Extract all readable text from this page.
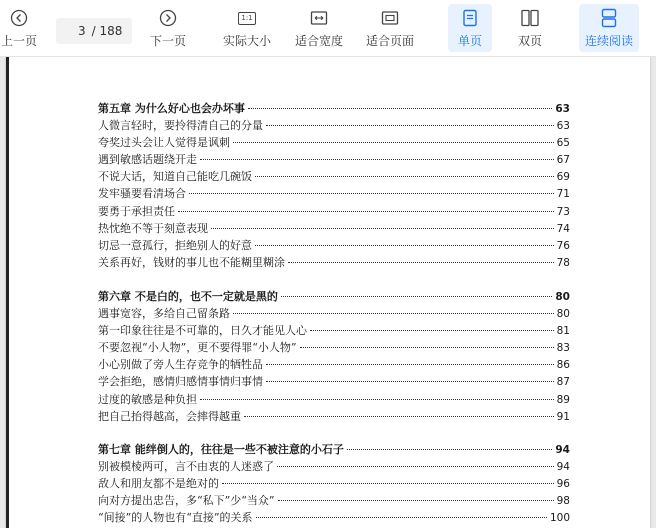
上一页
3
/ 188
下一页
1:1
实际大小 适合宽度 适合页面	单页	双页	连续阅读
第五章 为什么好心也会办坏事	63
人微言轻时，要拎得清自己的分量	63
夸奖过头会让人觉得是讽刺	65
遇到敏感话题绕开走	67
不说大话，知道自己能吃几碗饭	69
发牢骚要看清场合	71
要勇于承担责任	73
热忱绝不等于刻意表现	74
切忌一意孤行，拒绝别人的好意	76
关系再好，钱财的事儿也不能糊里糊涂	78
第六章 不是白的，也不一定就是黑的	80
遇事宽容，多给自己留条路	80
第一印象往往是不可靠的，日久才能见人心	81
不要忽视“小人物”，更不要得罪“小人物”	83
小心别做了旁人生存竞争的牺牲品	86
学会拒绝，感情归感情事情归事情	87
过度的敏感是种负担	89
把自己抬得越高，会摔得越重	91
第七章 能绊倒人的，往往是一些不被注意的小石子	94
别被模棱两可，言不由衷的人迷惑了	94
敌人和朋友都不是绝对的	96
向对方提出忠告，多“私下”少“当众”	98
“间接”的人物也有“直接”的关系	100
